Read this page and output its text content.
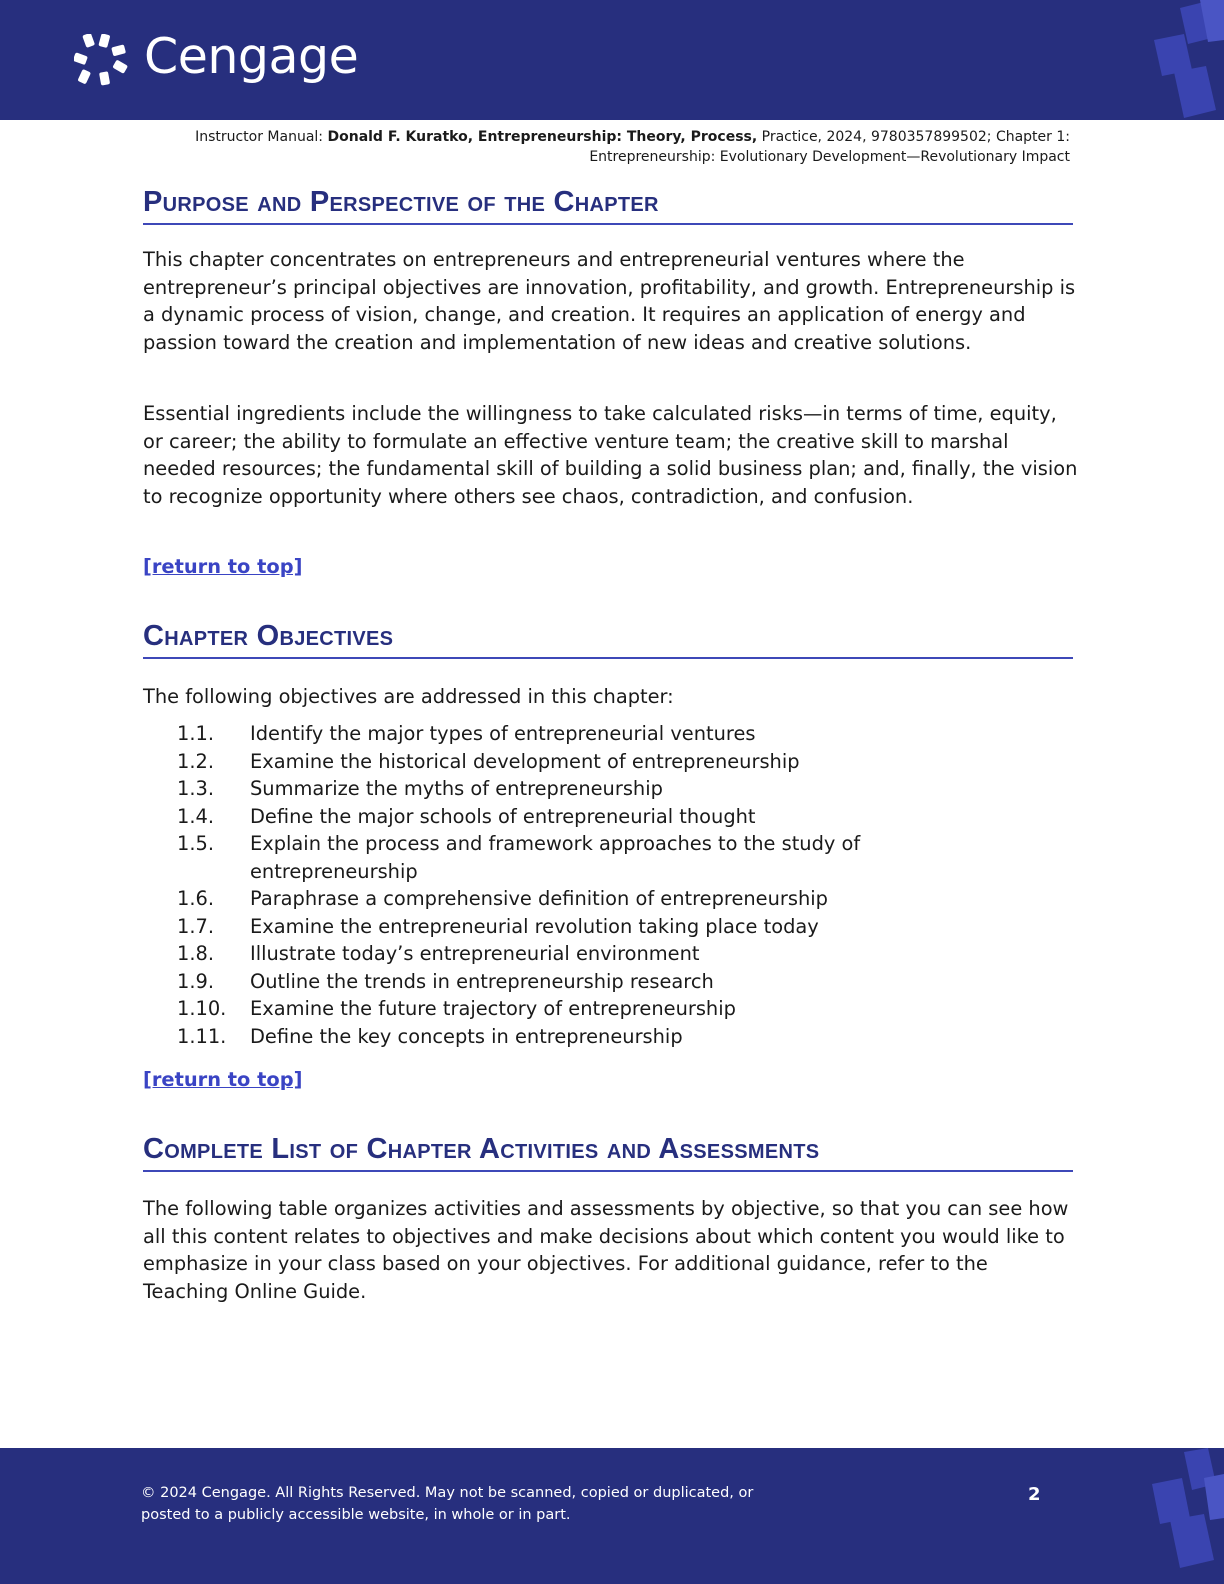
Cengage
Instructor Manual: Donald F. Kuratko, Entrepreneurship: Theory, Process, Practice, 2024, 9780357899502; Chapter 1:
Entrepreneurship: Evolutionary Development—Revolutionary Impact
Purpose and Perspective of the Chapter

This chapter concentrates on entrepreneurs and entrepreneurial ventures where the entrepreneur’s principal objectives are innovation, profitability, and growth. Entrepreneurship is a dynamic process of vision, change, and creation. It requires an application of energy and passion toward the creation and implementation of new ideas and creative solutions.

Essential ingredients include the willingness to take calculated risks—in terms of time, equity, or career; the ability to formulate an effective venture team; the creative skill to marshal needed resources; the fundamental skill of building a solid business plan; and, finally, the vision to recognize opportunity where others see chaos, contradiction, and confusion.

[return to top]
Chapter Objectives

The following objectives are addressed in this chapter:

1.1. Identify the major types of entrepreneurial ventures
1.2. Examine the historical development of entrepreneurship
1.3. Summarize the myths of entrepreneurship
1.4. Define the major schools of entrepreneurial thought
1.5. Explain the process and framework approaches to the study of entrepreneurship
1.6. Paraphrase a comprehensive definition of entrepreneurship
1.7. Examine the entrepreneurial revolution taking place today
1.8. Illustrate today’s entrepreneurial environment
1.9. Outline the trends in entrepreneurship research
1.10. Examine the future trajectory of entrepreneurship
1.11. Define the key concepts in entrepreneurship
[return to top]
Complete List of Chapter Activities and Assessments

The following table organizes activities and assessments by objective, so that you can see how all this content relates to objectives and make decisions about which content you would like to emphasize in your class based on your objectives. For additional guidance, refer to the Teaching Online Guide.

© 2024 Cengage. All Rights Reserved. May not be scanned, copied or duplicated, or
posted to a publicly accessible website, in whole or in part.
2
